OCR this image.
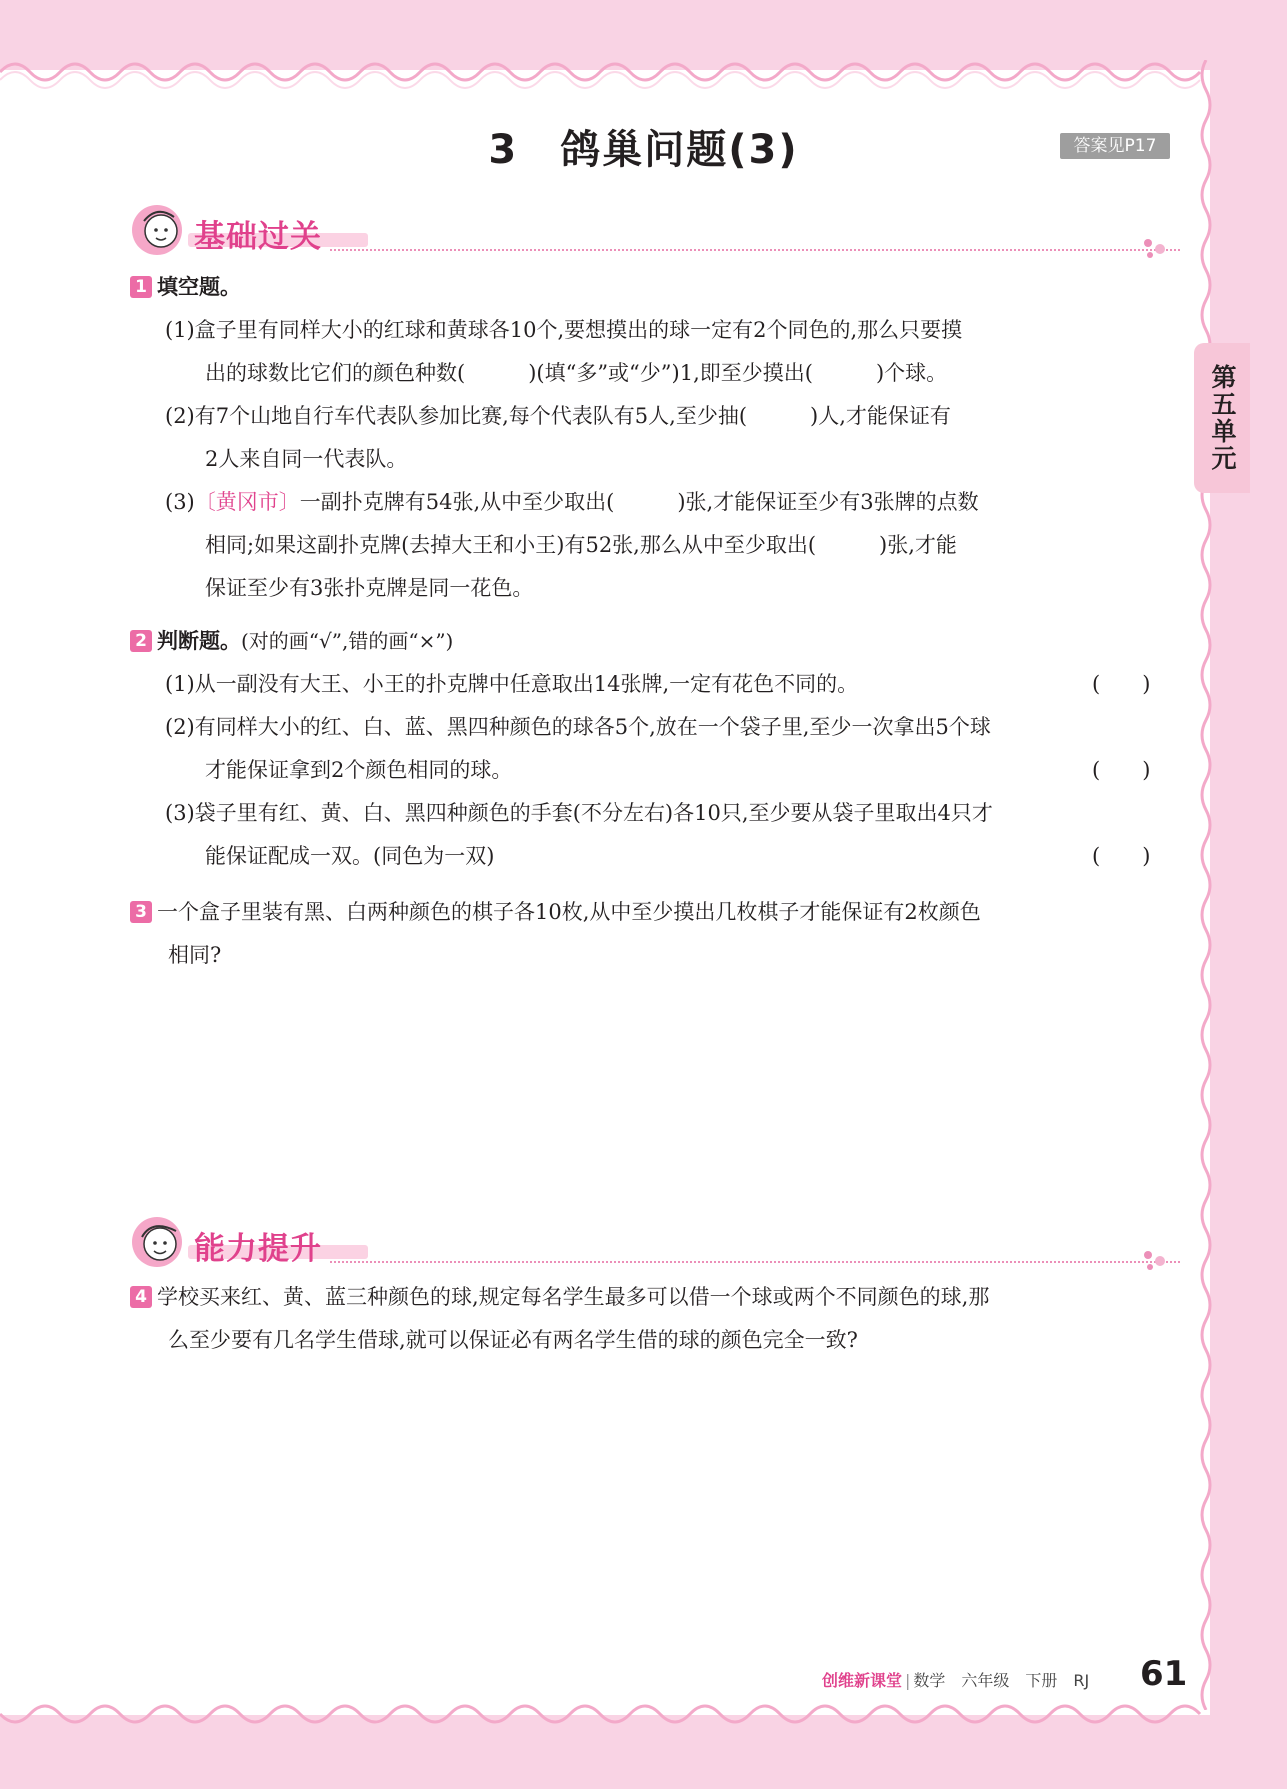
3　鸽巢问题(3)	答案见P17
第五单元
基础过关
1 填空题。
(1)盒子里有同样大小的红球和黄球各10个,要想摸出的球一定有2个同色的,那么只要摸
出的球数比它们的颜色种数(　　　)(填“多”或“少”)1,即至少摸出(　　　)个球。
(2)有7个山地自行车代表队参加比赛,每个代表队有5人,至少抽(　　　)人,才能保证有
2人来自同一代表队。
(3)〔黄冈市〕一副扑克牌有54张,从中至少取出(　　　)张,才能保证至少有3张牌的点数
相同;如果这副扑克牌(去掉大王和小王)有52张,那么从中至少取出(　　　)张,才能
保证至少有3张扑克牌是同一花色。
2 判断题。(对的画“√”,错的画“×”)
(1)从一副没有大王、小王的扑克牌中任意取出14张牌,一定有花色不同的。	(　　)
(2)有同样大小的红、白、蓝、黑四种颜色的球各5个,放在一个袋子里,至少一次拿出5个球
才能保证拿到2个颜色相同的球。	(　　)
(3)袋子里有红、黄、白、黑四种颜色的手套(不分左右)各10只,至少要从袋子里取出4只才
能保证配成一双。(同色为一双)	(　　)
3 一个盒子里装有黑、白两种颜色的棋子各10枚,从中至少摸出几枚棋子才能保证有2枚颜色
相同?
能力提升
4 学校买来红、黄、蓝三种颜色的球,规定每名学生最多可以借一个球或两个不同颜色的球,那
么至少要有几名学生借球,就可以保证必有两名学生借的球的颜色完全一致?
创维新课堂 | 数学　六年级　下册　RJ	61
